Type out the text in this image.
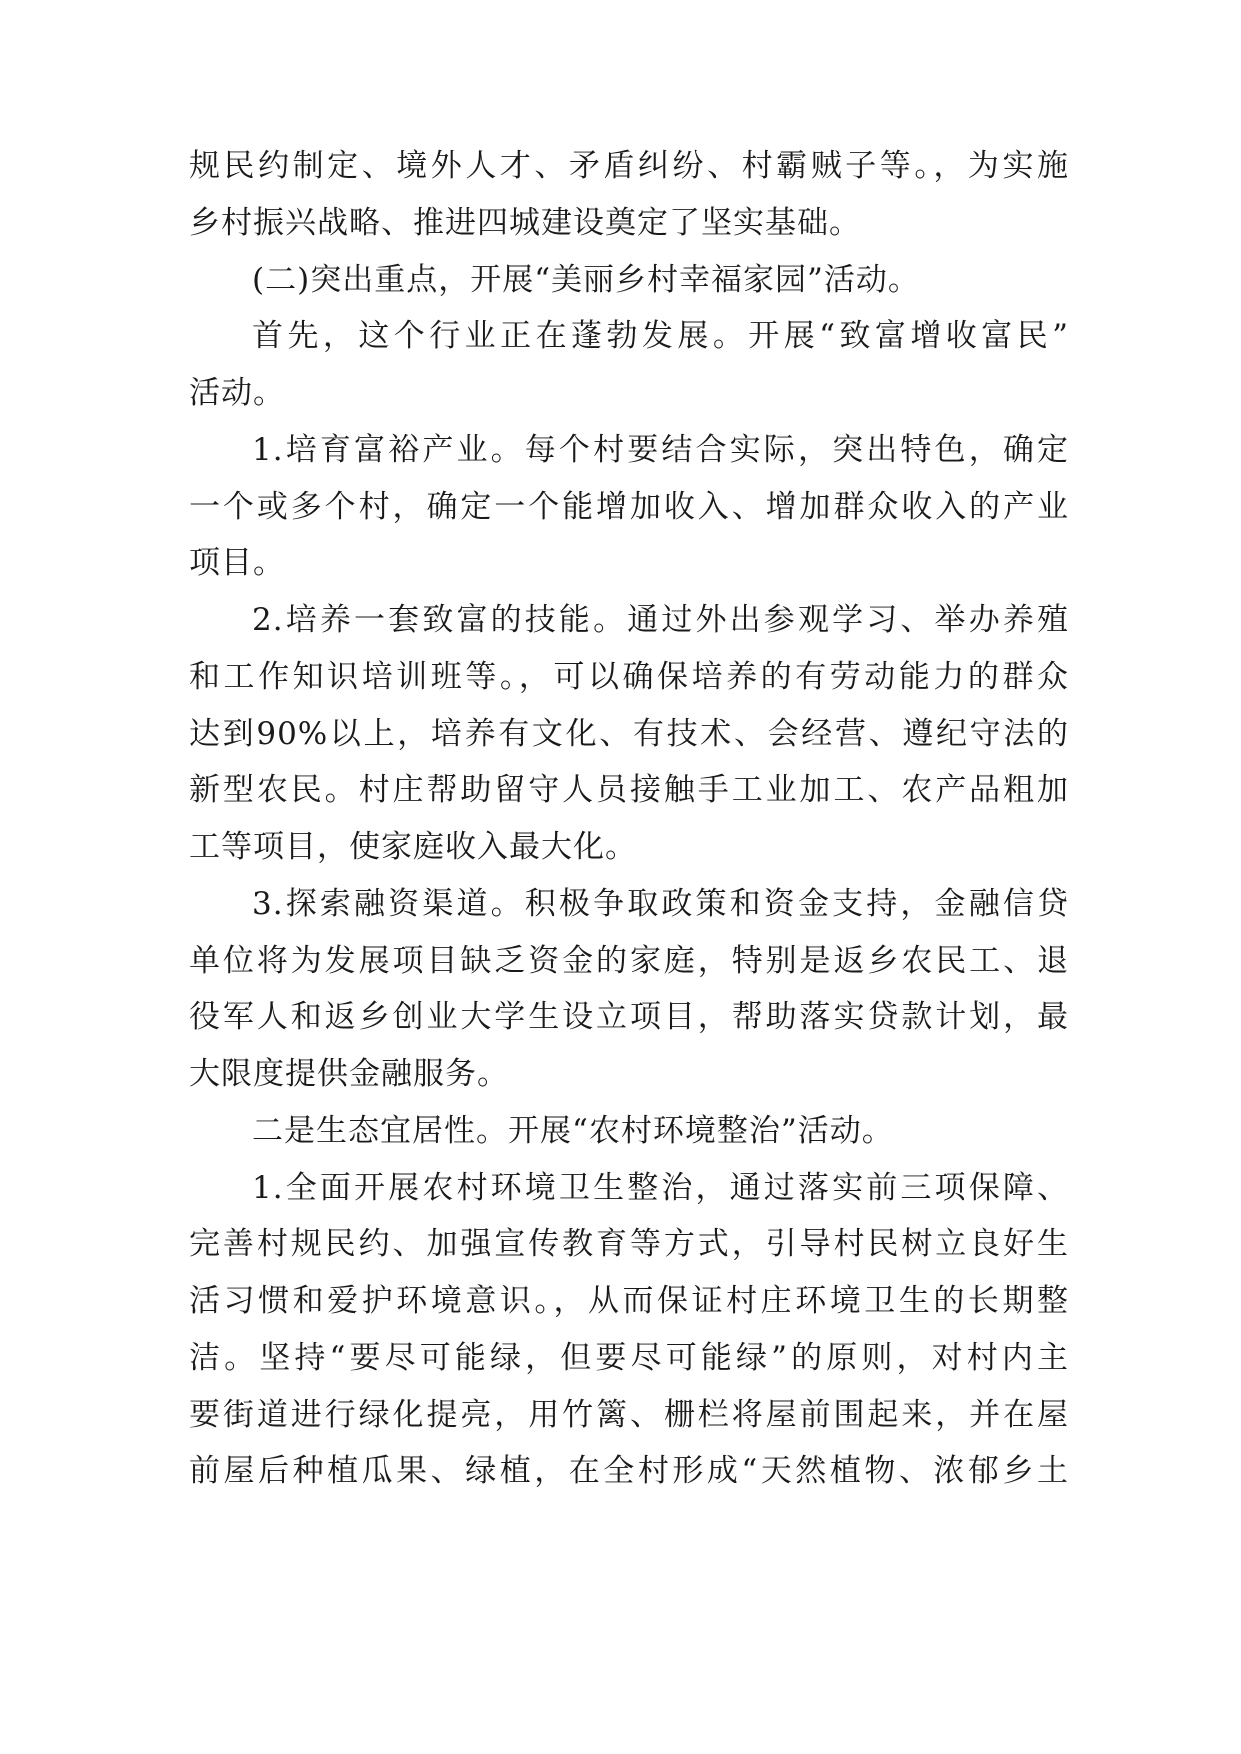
规民约制定、境外人才、矛盾纠纷、村霸贼子等。，为实施
乡村振兴战略、推进四城建设奠定了坚实基础。
(二)突出重点，开展“美丽乡村幸福家园”活动。
首先，这个行业正在蓬勃发展。开展“致富增收富民”
活动。
1.培育富裕产业。每个村要结合实际，突出特色，确定
一个或多个村，确定一个能增加收入、增加群众收入的产业
项目。
2.培养一套致富的技能。通过外出参观学习、举办养殖
和工作知识培训班等。，可以确保培养的有劳动能力的群众
达到90%以上，培养有文化、有技术、会经营、遵纪守法的
新型农民。村庄帮助留守人员接触手工业加工、农产品粗加
工等项目，使家庭收入最大化。
3.探索融资渠道。积极争取政策和资金支持，金融信贷
单位将为发展项目缺乏资金的家庭，特别是返乡农民工、退
役军人和返乡创业大学生设立项目，帮助落实贷款计划，最
大限度提供金融服务。
二是生态宜居性。开展“农村环境整治”活动。
1.全面开展农村环境卫生整治，通过落实前三项保障、
完善村规民约、加强宣传教育等方式，引导村民树立良好生
活习惯和爱护环境意识。，从而保证村庄环境卫生的长期整
洁。坚持“要尽可能绿，但要尽可能绿”的原则，对村内主
要街道进行绿化提亮，用竹篱、栅栏将屋前围起来，并在屋
前屋后种植瓜果、绿植，在全村形成“天然植物、浓郁乡土
